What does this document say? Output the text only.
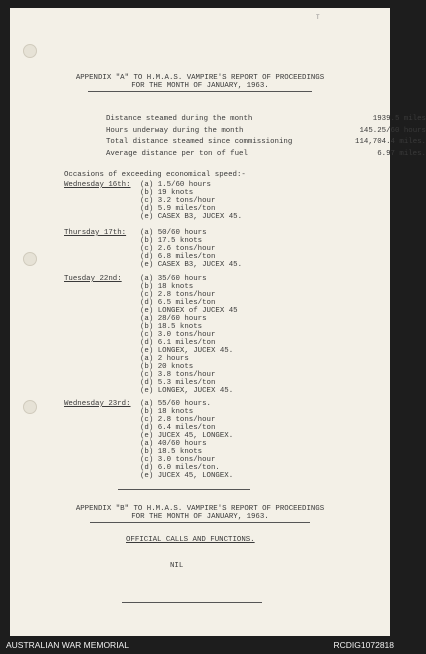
T
APPENDIX "A" TO H.M.A.S. VAMPIRE'S REPORT OF PROCEEDINGS
FOR THE MONTH OF JANUARY, 1963.
Distance steamed during the month	1939.5 miles
Hours underway during the month	145.25/60 hours
Total distance steamed since commissioning	114,704.4 miles.
Average distance per ton of fuel	6.97 miles.
Occasions of exceeding economical speed:-
Wednesday 16th: (a) 1.5/60 hours
(b) 19 knots
(c) 3.2 tons/hour
(d) 5.9 miles/ton
(e) CASEX B3, JUCEX 45.
Thursday 17th: (a) 50/60 hours
(b) 17.5 knots
(c) 2.6 tons/hour
(d) 6.8 miles/ton
(e) CASEX B3, JUCEX 45.
Tuesday 22nd: (a) 35/60 hours
(b) 18 knots
(c) 2.8 tons/hour
(d) 6.5 miles/ton
(e) LONGEX of JUCEX 45
(a) 28/60 hours
(b) 18.5 knots
(c) 3.0 tons/hour
(d) 6.1 miles/ton
(e) LONGEX, JUCEX 45.
(a) 2 hours
(b) 20 knots
(c) 3.8 tons/hour
(d) 5.3 miles/ton
(e) LONGEX, JUCEX 45.
Wednesday 23rd: (a) 55/60 hours.
(b) 18 knots
(c) 2.8 tons/hour
(d) 6.4 miles/ton
(e) JUCEX 45, LONGEX.
(a) 40/60 hours
(b) 18.5 knots
(c) 3.0 tons/hour
(d) 6.0 miles/ton.
(e) JUCEX 45, LONGEX.
APPENDIX "B" TO H.M.A.S. VAMPIRE'S REPORT OF PROCEEDINGS
FOR THE MONTH OF JANUARY, 1963.
OFFICIAL CALLS AND FUNCTIONS.
NIL
AUSTRALIAN WAR MEMORIAL	RCDIG1072818
